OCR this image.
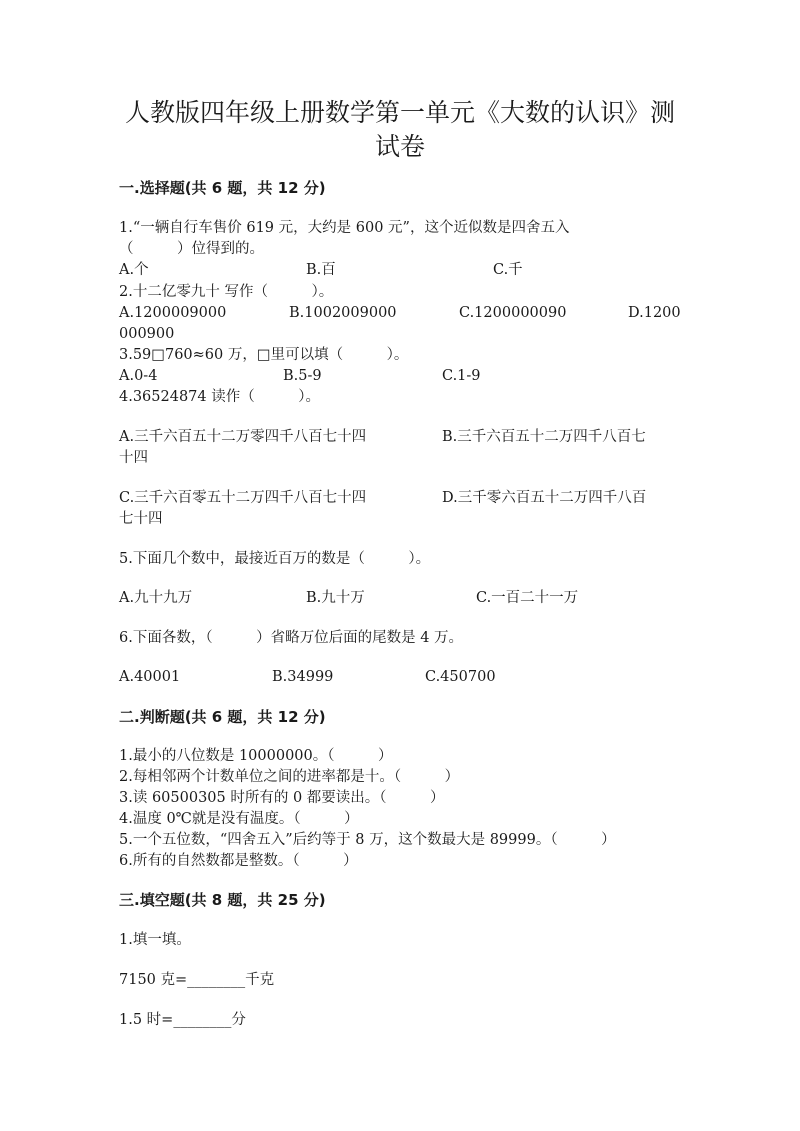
人教版四年级上册数学第一单元《大数的认识》测
试卷
一.选择题(共 6 题，共 12 分)
1.“一辆自行车售价 619 元，大约是 600 元”，这个近似数是四舍五入
（　　　）位得到的。
A.个	B.百	C.千
2.十二亿零九十 写作（　　　）。
A.1200009000	B.1002009000	C.1200000090	D.1200
000900
3.59□760≈60 万，□里可以填（　　　）。
A.0-4	B.5-9	C.1-9
4.36524874 读作（　　　）。
A.三千六百五十二万零四千八百七十四	B.三千六百五十二万四千八百七
十四
C.三千六百零五十二万四千八百七十四	D.三千零六百五十二万四千八百
七十四
5.下面几个数中，最接近百万的数是（　　　）。
A.九十九万	B.九十万	C.一百二十一万
6.下面各数，（　　　）省略万位后面的尾数是 4 万。
A.40001	B.34999	C.450700
二.判断题(共 6 题，共 12 分)
1.最小的八位数是 10000000。（　　　）
2.每相邻两个计数单位之间的进率都是十。（　　　）
3.读 60500305 时所有的 0 都要读出。（　　　）
4.温度 0℃就是没有温度。（　　　）
5.一个五位数，“四舍五入”后约等于 8 万，这个数最大是 89999。（　　　）
6.所有的自然数都是整数。（　　　）
三.填空题(共 8 题，共 25 分)
1.填一填。
7150 克=________千克
1.5 时=________分
